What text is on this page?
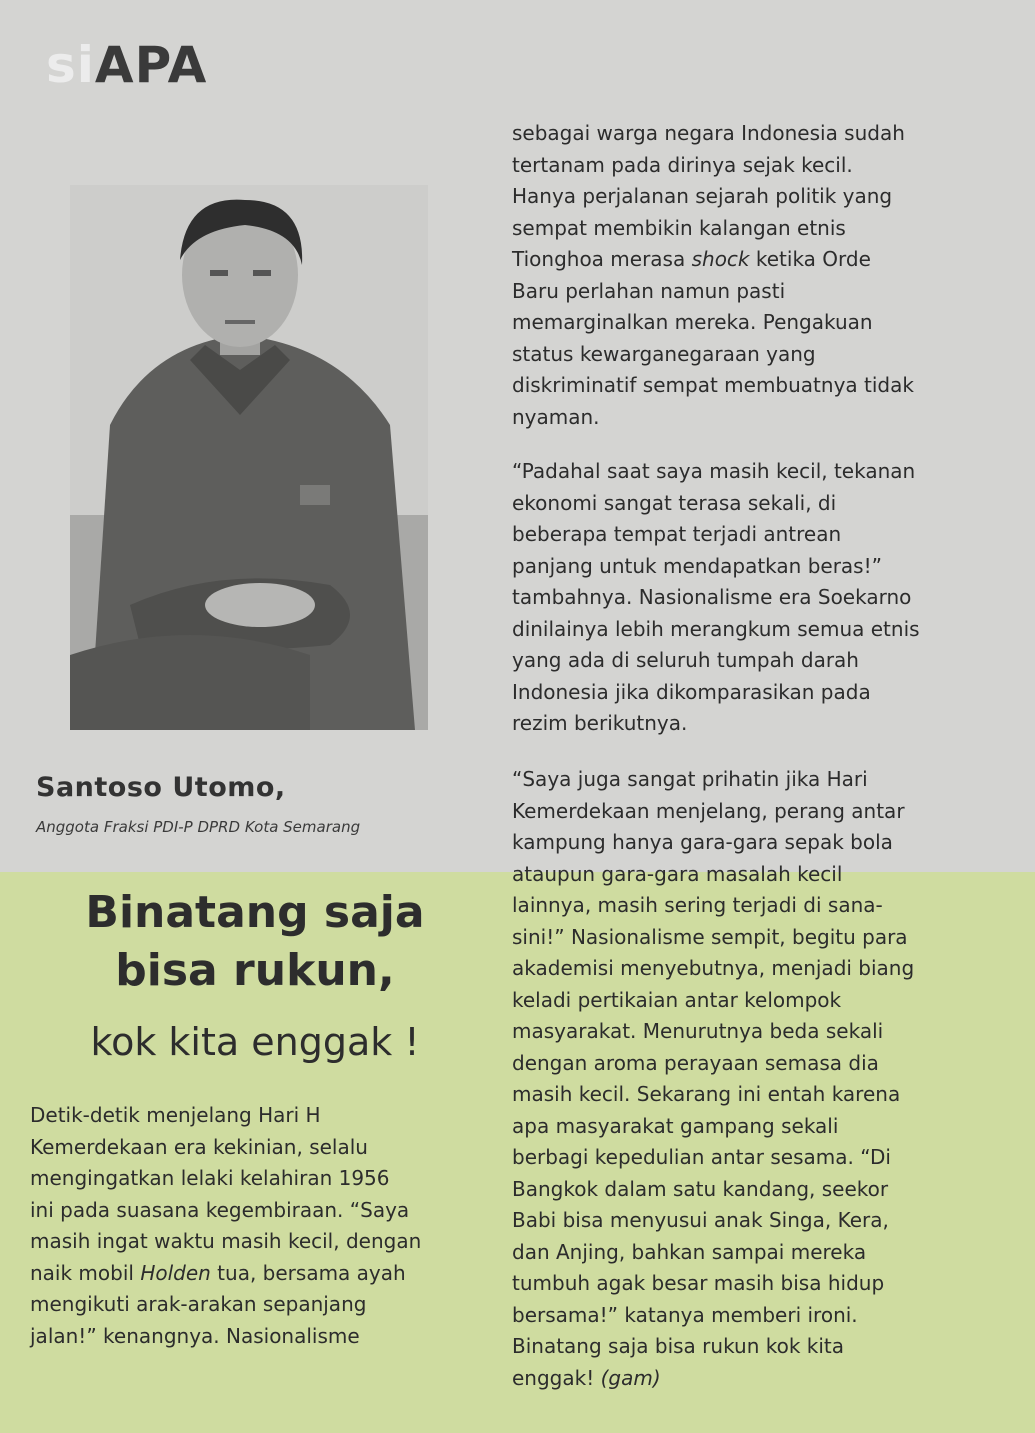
siAPA

Santoso Utomo,

Anggota Fraksi PDI-P DPRD Kota Semarang

Binatang saja
bisa rukun,

kok kita enggak !

Detik-detik menjelang Hari H
Kemerdekaan era kekinian, selalu
mengingatkan lelaki kelahiran 1956
ini pada suasana kegembiraan. “Saya
masih ingat waktu masih kecil, dengan
naik mobil Holden tua, bersama ayah
mengikuti arak-arakan sepanjang
jalan!” kenangnya. Nasionalisme
sebagai warga negara Indonesia sudah
tertanam pada dirinya sejak kecil.
Hanya perjalanan sejarah politik yang
sempat membikin kalangan etnis
Tionghoa merasa shock ketika Orde
Baru perlahan namun pasti
memarginalkan mereka. Pengakuan
status kewarganegaraan yang
diskriminatif sempat membuatnya tidak
nyaman.
“Padahal saat saya masih kecil, tekanan
ekonomi sangat terasa sekali, di
beberapa tempat terjadi antrean
panjang untuk mendapatkan beras!”
tambahnya. Nasionalisme era Soekarno
dinilainya lebih merangkum semua etnis
yang ada di seluruh tumpah darah
Indonesia jika dikomparasikan pada
rezim berikutnya.
“Saya juga sangat prihatin jika Hari
Kemerdekaan menjelang, perang antar
kampung hanya gara-gara sepak bola
ataupun gara-gara masalah kecil
lainnya, masih sering terjadi di sana-
sini!” Nasionalisme sempit, begitu para
akademisi menyebutnya, menjadi biang
keladi pertikaian antar kelompok
masyarakat. Menurutnya beda sekali
dengan aroma perayaan semasa dia
masih kecil. Sekarang ini entah karena
apa masyarakat gampang sekali
berbagi kepedulian antar sesama. “Di
Bangkok dalam satu kandang, seekor
Babi bisa menyusui anak Singa, Kera,
dan Anjing, bahkan sampai mereka
tumbuh agak besar masih bisa hidup
bersama!” katanya memberi ironi.
Binatang saja bisa rukun kok kita
enggak! (gam)
